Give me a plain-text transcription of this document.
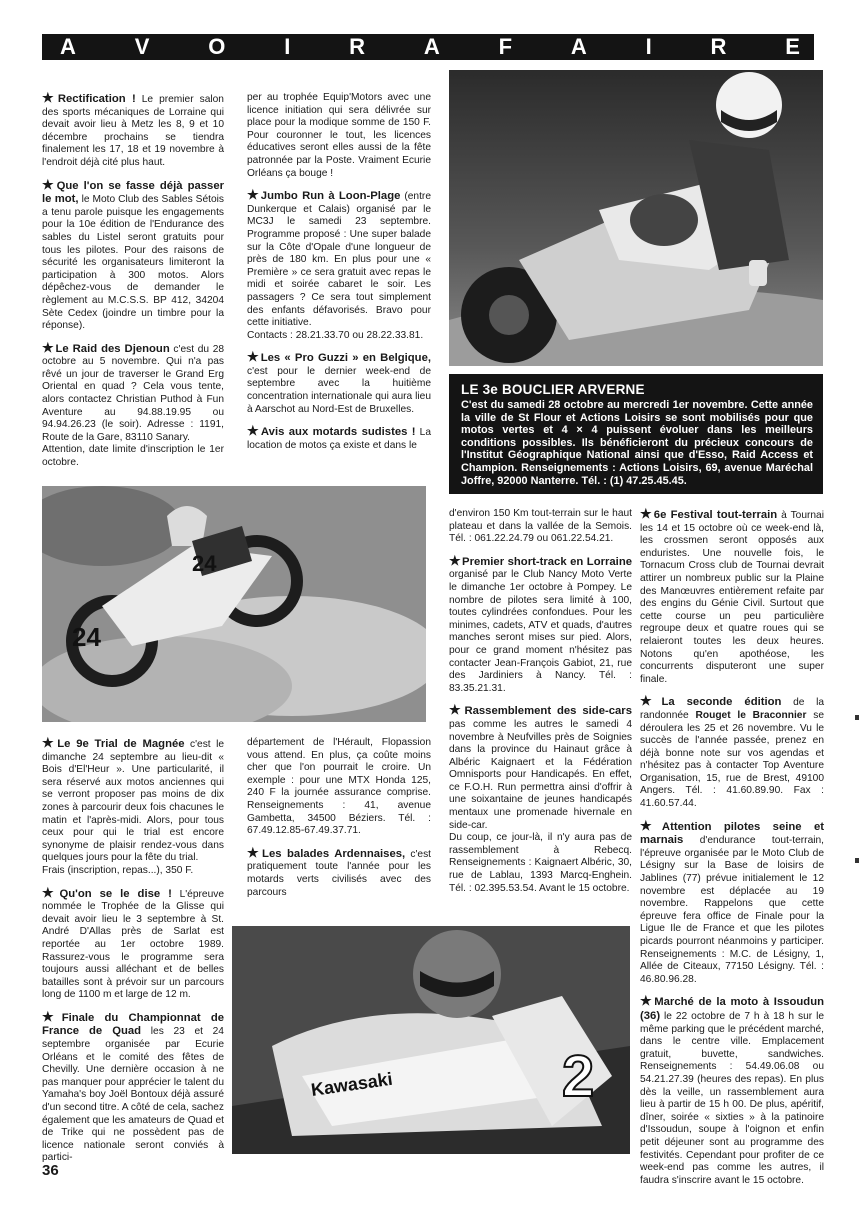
A	V	O	I	R	A	F	A	I	R	E
LE 3e BOUCLIER ARVERNE
C'est du samedi 28 octobre au mercredi 1er novembre. Cette année la ville de St Flour et Actions Loisirs se sont mobilisés pour que motos vertes et 4 × 4 puissent évoluer dans les meilleurs conditions possibles. Ils bénéficieront du précieux concours de l'Institut Géographique National ainsi que d'Esso, Raid Access et Champion. Renseignements : Actions Loisirs, 69, avenue Maréchal Joffre, 92000 Nanterre. Tél. : (1) 47.25.45.45.
24
24
Kawasaki	2

★Rectification ! Le premier salon des sports mécaniques de Lorraine qui devait avoir lieu à Metz les 8, 9 et 10 décembre prochains se tiendra finalement les 17, 18 et 19 novembre à l'endroit déjà cité plus haut.

★Que l'on se fasse déjà passer le mot, le Moto Club des Sables Sétois a tenu parole puisque les engagements pour la 10e édition de l'Endurance des sables du Listel seront gratuits pour tous les pilotes. Pour des raisons de sécurité les organisateurs limiteront la participation à 300 motos. Alors dépêchez-vous de demander le règlement au M.C.S.S. BP 412, 34204 Sète Cedex (joindre un timbre pour la réponse).

★Le Raid des Djenoun c'est du 28 octobre au 5 novembre. Qui n'a pas rêvé un jour de traverser le Grand Erg Oriental en quad ? Cela vous tente, alors contactez Christian Puthod à Fun Aventure au 94.88.19.95 ou 94.94.26.23 (le soir). Adresse : 1191, Route de la Gare, 83110 Sanary.

Attention, date limite d'inscription le 1er octobre.

per au trophée Equip'Motors avec une licence initiation qui sera délivrée sur place pour la modique somme de 150 F. Pour couronner le tout, les licences éducatives seront elles aussi de la fête patronnée par la Poste. Vraiment Ecurie Orléans ça bouge !

★Jumbo Run à Loon-Plage (entre Dunkerque et Calais) organisé par le MC3J le samedi 23 septembre. Programme proposé : Une super balade sur la Côte d'Opale d'une longueur de près de 180 km. En plus pour une « Première » ce sera gratuit avec repas le midi et soirée cabaret le soir. Les passagers ? Ce sera tout simplement des enfants défavorisés. Bravo pour cette initiative.

Contacts : 28.21.33.70 ou 28.22.33.81.

★Les « Pro Guzzi » en Belgique, c'est pour le dernier week-end de septembre avec la huitième concentration internationale qui aura lieu à Aarschot au Nord-Est de Bruxelles.

★Avis aux motards sudistes ! La location de motos ça existe et dans le

d'environ 150 Km tout-terrain sur le haut plateau et dans la vallée de la Semois. Tél. : 061.22.24.79 ou 061.22.54.21.

★Premier short-track en Lorraine organisé par le Club Nancy Moto Verte le dimanche 1er octobre à Pompey. Le nombre de pilotes sera limité à 100, toutes cylindrées confondues. Pour les minimes, cadets, ATV et quads, d'autres manches seront mises sur pied. Alors, pour ce grand moment n'hésitez pas contacter Jean-François Gabiot, 21, rue des Jardiniers à Nancy. Tél. : 83.35.21.31.

★Rassemblement des side-cars pas comme les autres le samedi 4 novembre à Neufvilles près de Soignies dans la province du Hainaut grâce à Albéric Kaignaert et la Fédération Omnisports pour Handicapés. En effet, ce F.O.H. Run permettra ainsi d'offrir à une soixantaine de jeunes handicapés mentaux une promenade hivernale en side-car.

Du coup, ce jour-là, il n'y aura pas de rassemblement à Rebecq. Renseignements : Kaignaert Albéric, 30, rue de Lablau, 1393 Marcq-Enghein. Tél. : 02.395.53.54. Avant le 15 octobre.

★6e Festival tout-terrain à Tournai les 14 et 15 octobre où ce week-end là, les crossmen seront opposés aux enduristes. Une nouvelle fois, le Tornacum Cross club de Tournai devrait attirer un nombreux public sur la Plaine des Manœuvres entièrement refaite par des engins du Génie Civil. Surtout que cette course un peu particulière regroupe deux et quatre roues qui se relaieront toutes les deux heures. Notons qu'en apothéose, les concurrents disputeront une super finale.

★La seconde édition de la randonnée Rouget le Braconnier se déroulera les 25 et 26 novembre. Vu le succès de l'année passée, prenez en déjà bonne note sur vos agendas et n'hésitez pas à contacter Top Aventure Organisation, 15, rue de Brest, 49100 Angers. Tél. : 41.60.89.90. Fax : 41.60.57.44.

★Attention pilotes seine et marnais d'endurance tout-terrain, l'épreuve organisée par le Moto Club de Lésigny sur la Base de loisirs de Jablines (77) prévue initialement le 12 novembre est déplacée au 19 novembre. Rappelons que cette épreuve fera office de Finale pour la Ligue Ile de France et que les pilotes picards pourront néanmoins y participer. Renseignements : M.C. de Lésigny, 1, Allée de Citeaux, 77150 Lésigny. Tél. : 46.80.96.28.

★Marché de la moto à Issoudun (36) le 22 octobre de 7 h à 18 h sur le même parking que le précédent marché, dans le centre ville. Emplacement gratuit, buvette, sandwiches. Renseignements : 54.49.06.08 ou 54.21.27.39 (heures des repas). En plus dès la veille, un rassemblement aura lieu à partir de 15 h 00. De plus, apéritif, dîner, soirée « sixties » à la patinoire d'Issoudun, soupe à l'oignon et enfin petit déjeuner sont au programme des festivités. Cependant pour profiter de ce week-end pas comme les autres, il faudra s'inscrire avant le 15 octobre.

★Le 9e Trial de Magnée c'est le dimanche 24 septembre au lieu-dit « Bois d'El'Heur ». Une particularité, il sera réservé aux motos anciennes qui se verront proposer pas moins de dix zones à parcourir deux fois chacunes le matin et l'après-midi. Alors, pour tous ceux pour qui le trial est encore synonyme de plaisir rendez-vous dans quelques jours pour la fête du trial.

Frais (inscription, repas...), 350 F.

★Qu'on se le dise ! L'épreuve nommée le Trophée de la Glisse qui devait avoir lieu le 3 septembre à St. André D'Allas près de Sarlat est reportée au 1er octobre 1989. Rassurez-vous le programme sera toujours aussi alléchant et de belles batailles sont à prévoir sur un parcours long de 1100 m et large de 12 m.

★Finale du Championnat de France de Quad les 23 et 24 septembre organisée par Ecurie Orléans et le comité des fêtes de Chevilly. Une dernière occasion à ne pas manquer pour apprécier le talent du Yamaha's boy Joël Bontoux déjà assuré d'un second titre. A côté de cela, sachez également que les amateurs de Quad et de Trike qui ne possèdent pas de licence nationale seront conviés à partici-

département de l'Hérault, Flopassion vous attend. En plus, ça coûte moins cher que l'on pourrait le croire. Un exemple : pour une MTX Honda 125, 240 F la journée assurance comprise. Renseignements : 41, avenue Gambetta, 34500 Béziers. Tél. : 67.49.12.85-67.49.37.71.

★Les balades Ardennaises, c'est pratiquement toute l'année pour les motards verts civilisés avec des parcours

36
